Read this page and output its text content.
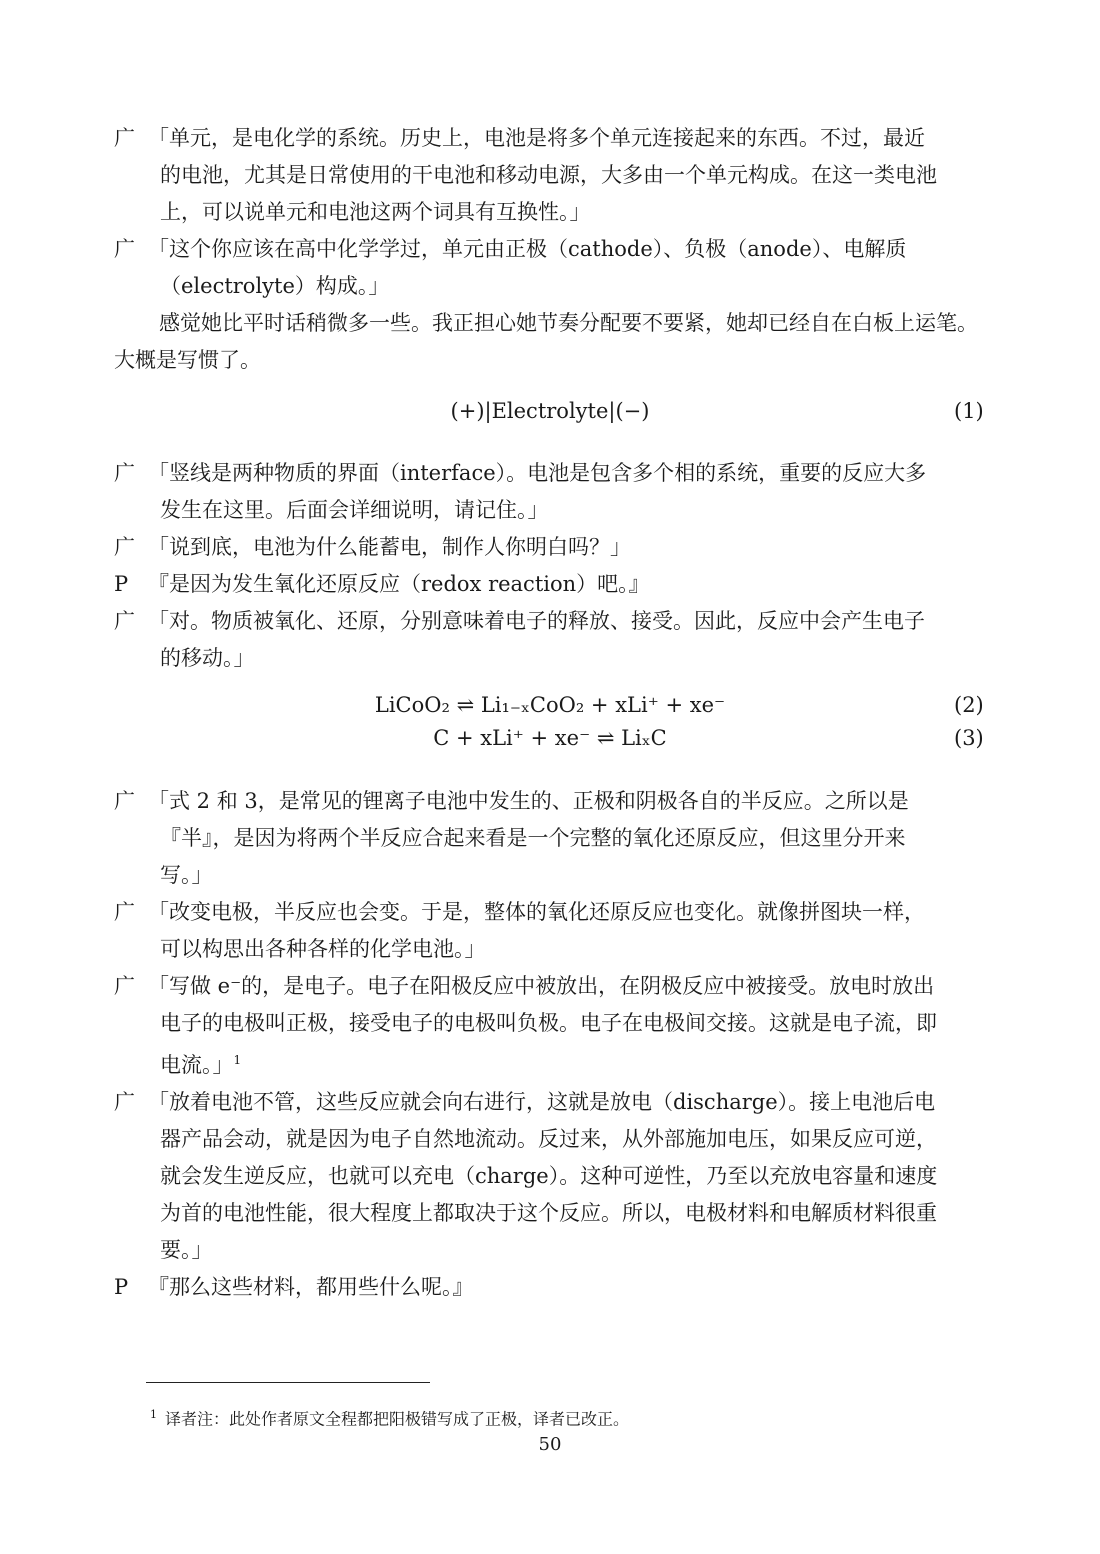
广 「单元，是电化学的系统。历史上，电池是将多个单元连接起来的东西。不过，最近的电池，尤其是日常使用的干电池和移动电源，大多由一个单元构成。在这一类电池上，可以说单元和电池这两个词具有互换性。」

广 「这个你应该在高中化学学过，单元由正极（cathode）、负极（anode）、电解质（electrolyte）构成。」

感觉她比平时话稍微多一些。我正担心她节奏分配要不要紧，她却已经自在白板上运笔。大概是写惯了。

(+)|Electrolyte|(−)	(1)

广 「竖线是两种物质的界面（interface）。电池是包含多个相的系统，重要的反应大多发生在这里。后面会详细说明，请记住。」

广 「说到底，电池为什么能蓄电，制作人你明白吗？」

P 『是因为发生氧化还原反应（redox reaction）吧。』

广 「对。物质被氧化、还原，分别意味着电子的释放、接受。因此，反应中会产生电子的移动。」

LiCoO₂ ⇌ Li₁₋ₓCoO₂ + xLi⁺ + xe⁻	(2)
C + xLi⁺ + xe⁻ ⇌ LiₓC	(3)

广 「式 2 和 3，是常见的锂离子电池中发生的、正极和阴极各自的半反应。之所以是『半』，是因为将两个半反应合起来看是一个完整的氧化还原反应，但这里分开来写。」

广 「改变电极，半反应也会变。于是，整体的氧化还原反应也变化。就像拼图块一样，可以构思出各种各样的化学电池。」

广 「写做 e⁻的，是电子。电子在阳极反应中被放出，在阴极反应中被接受。放电时放出电子的电极叫正极，接受电子的电极叫负极。电子在电极间交接。这就是电子流，即电流。」$^1$

广 「放着电池不管，这些反应就会向右进行，这就是放电（discharge）。接上电池后电器产品会动，就是因为电子自然地流动。反过来，从外部施加电压，如果反应可逆，就会发生逆反应，也就可以充电（charge）。这种可逆性，乃至以充放电容量和速度为首的电池性能，很大程度上都取决于这个反应。所以，电极材料和电解质材料很重要。」

P 『那么这些材料，都用些什么呢。』

$^1$ 译者注：此处作者原文全程都把阳极错写成了正极，译者已改正。
50
